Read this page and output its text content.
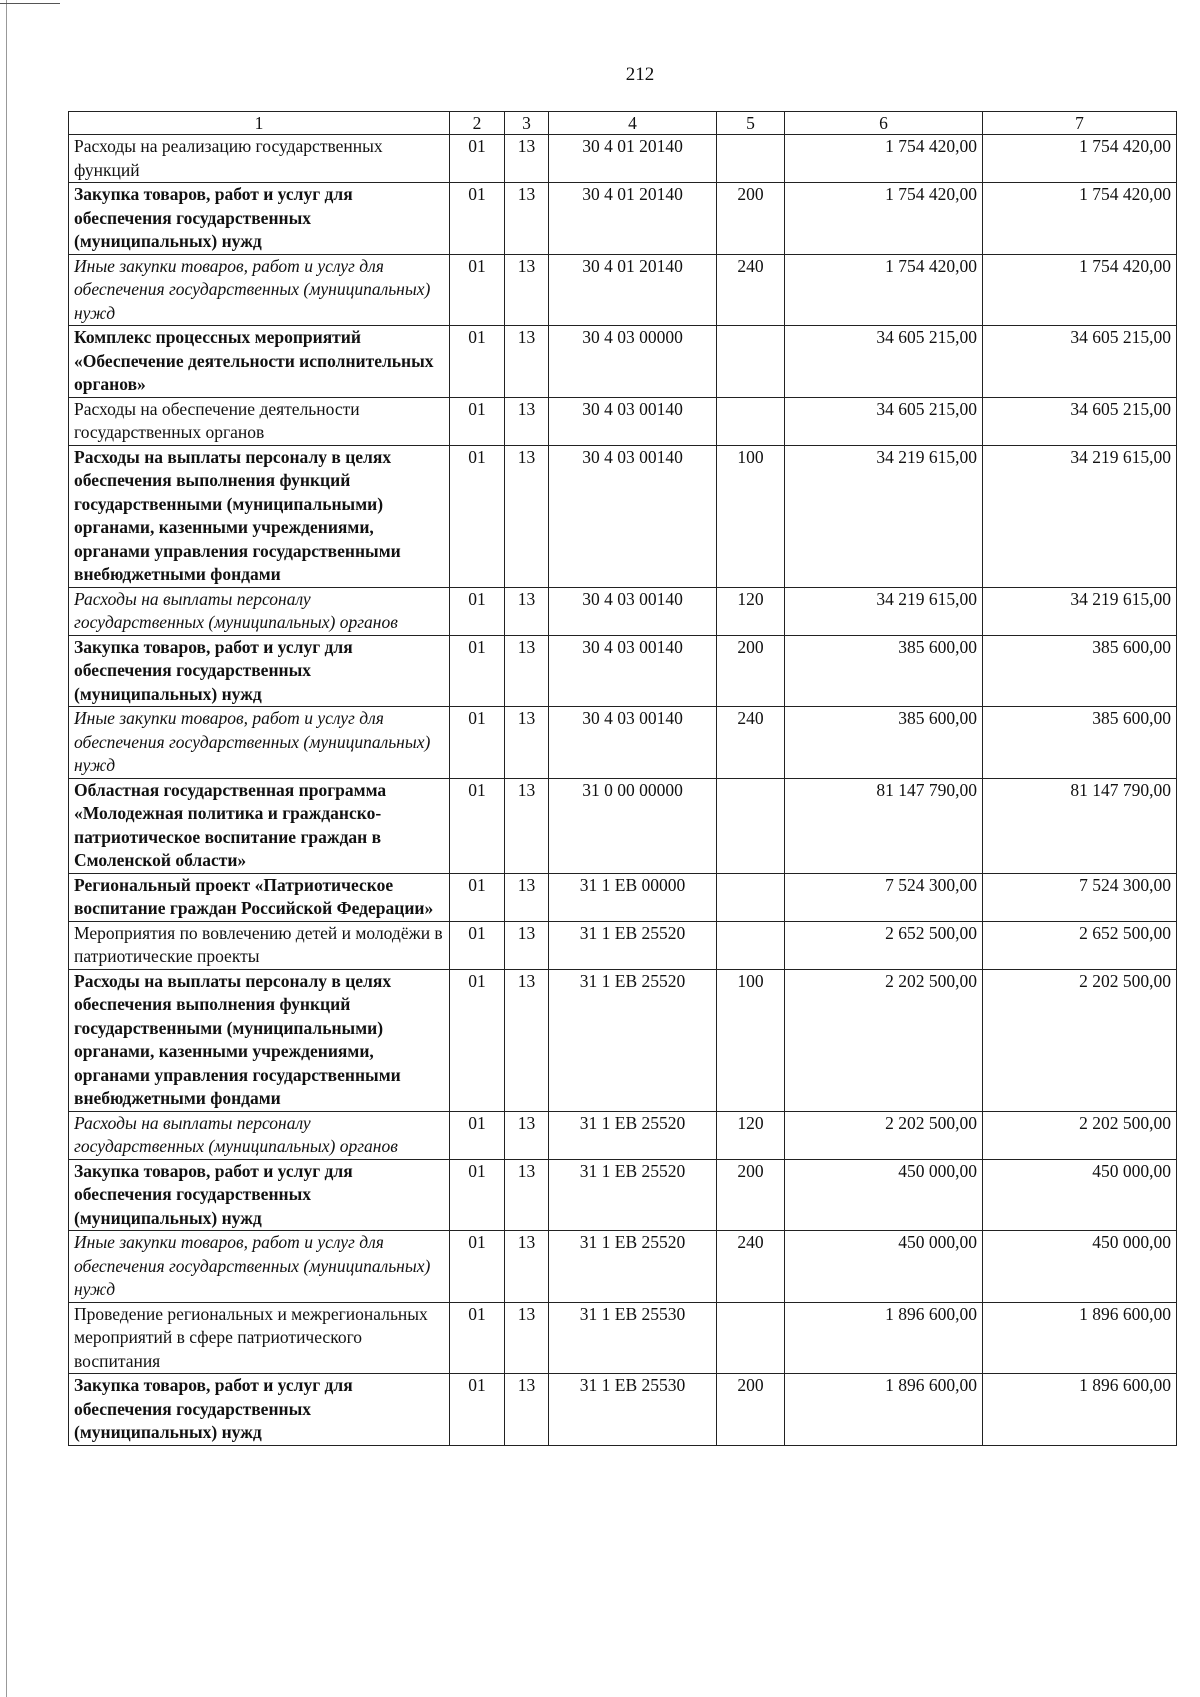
212
1	2	3	4	5	6	7
Расходы на реализацию государственных функций	01	13	30 4 01 20140		1 754 420,00	1 754 420,00
Закупка товаров, работ и услуг для обеспечения государственных (муниципальных) нужд	01	13	30 4 01 20140	200	1 754 420,00	1 754 420,00
Иные закупки товаров, работ и услуг для обеспечения государственных (муниципальных) нужд	01	13	30 4 01 20140	240	1 754 420,00	1 754 420,00
Комплекс процессных мероприятий «Обеспечение деятельности исполнительных органов»	01	13	30 4 03 00000		34 605 215,00	34 605 215,00
Расходы на обеспечение деятельности государственных органов	01	13	30 4 03 00140		34 605 215,00	34 605 215,00
Расходы на выплаты персоналу в целях обеспечения выполнения функций государственными (муниципальными) органами, казенными учреждениями, органами управления государственными внебюджетными фондами	01	13	30 4 03 00140	100	34 219 615,00	34 219 615,00
Расходы на выплаты персоналу государственных (муниципальных) органов	01	13	30 4 03 00140	120	34 219 615,00	34 219 615,00
Закупка товаров, работ и услуг для обеспечения государственных (муниципальных) нужд	01	13	30 4 03 00140	200	385 600,00	385 600,00
Иные закупки товаров, работ и услуг для обеспечения государственных (муниципальных) нужд	01	13	30 4 03 00140	240	385 600,00	385 600,00
Областная государственная программа «Молодежная политика и гражданско-патриотическое воспитание граждан в Смоленской области»	01	13	31 0 00 00000		81 147 790,00	81 147 790,00
Региональный проект «Патриотическое воспитание граждан Российской Федерации»	01	13	31 1 ЕВ 00000		7 524 300,00	7 524 300,00
Мероприятия по вовлечению детей и молодёжи в патриотические проекты	01	13	31 1 ЕВ 25520		2 652 500,00	2 652 500,00
Расходы на выплаты персоналу в целях обеспечения выполнения функций государственными (муниципальными) органами, казенными учреждениями, органами управления государственными внебюджетными фондами	01	13	31 1 ЕВ 25520	100	2 202 500,00	2 202 500,00
Расходы на выплаты персоналу государственных (муниципальных) органов	01	13	31 1 ЕВ 25520	120	2 202 500,00	2 202 500,00
Закупка товаров, работ и услуг для обеспечения государственных (муниципальных) нужд	01	13	31 1 ЕВ 25520	200	450 000,00	450 000,00
Иные закупки товаров, работ и услуг для обеспечения государственных (муниципальных) нужд	01	13	31 1 ЕВ 25520	240	450 000,00	450 000,00
Проведение региональных и межрегиональных мероприятий в сфере патриотического воспитания	01	13	31 1 ЕВ 25530		1 896 600,00	1 896 600,00
Закупка товаров, работ и услуг для обеспечения государственных (муниципальных) нужд	01	13	31 1 ЕВ 25530	200	1 896 600,00	1 896 600,00
